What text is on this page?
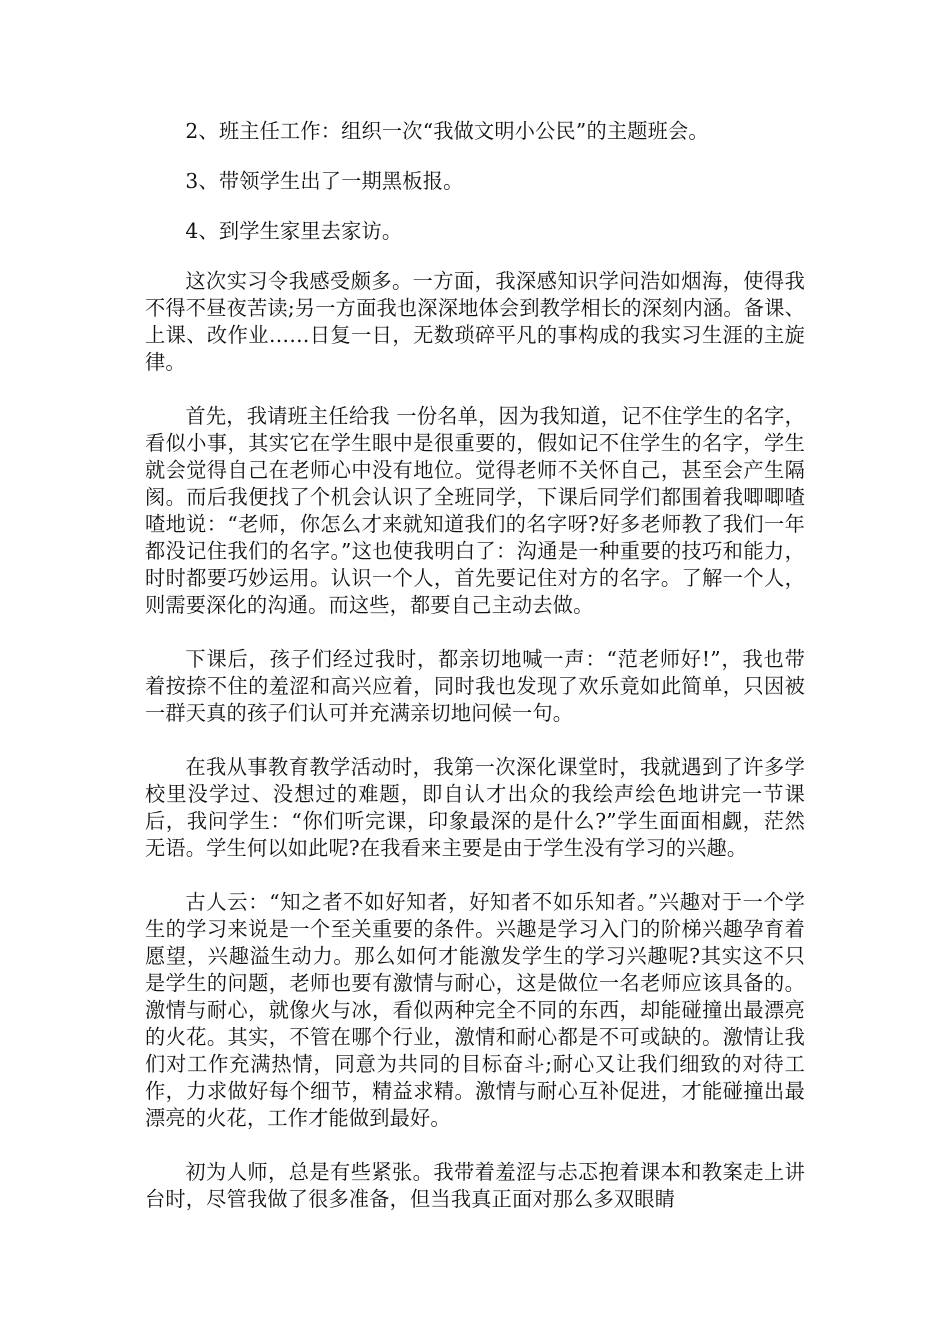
2、班主任工作：组织一次“我做文明小公民”的主题班会。

3、带领学生出了一期黑板报。

4、到学生家里去家访。

这次实习令我感受颇多。一方面，我深感知识学问浩如烟海，使得我不得不昼夜苦读;另一方面我也深深地体会到教学相长的深刻内涵。备课、上课、改作业……日复一日，无数琐碎平凡的事构成的我实习生涯的主旋律。

首先，我请班主任给我 一份名单，因为我知道，记不住学生的名字，看似小事，其实它在学生眼中是很重要的，假如记不住学生的名字，学生就会觉得自己在老师心中没有地位。觉得老师不关怀自己，甚至会产生隔阂。而后我便找了个机会认识了全班同学，下课后同学们都围着我唧唧喳喳地说：“老师，你怎么才来就知道我们的名字呀?好多老师教了我们一年都没记住我们的名字。”这也使我明白了：沟通是一种重要的技巧和能力，时时都要巧妙运用。认识一个人，首先要记住对方的名字。了解一个人，则需要深化的沟通。而这些，都要自己主动去做。

下课后，孩子们经过我时，都亲切地喊一声：“范老师好!”，我也带着按捺不住的羞涩和高兴应着，同时我也发现了欢乐竟如此简单，只因被一群天真的孩子们认可并充满亲切地问候一句。

在我从事教育教学活动时，我第一次深化课堂时，我就遇到了许多学校里没学过、没想过的难题，即自认才出众的我绘声绘色地讲完一节课后，我问学生：“你们听完课，印象最深的是什么?”学生面面相觑，茫然无语。学生何以如此呢?在我看来主要是由于学生没有学习的兴趣。

古人云：“知之者不如好知者，好知者不如乐知者。”兴趣对于一个学生的学习来说是一个至关重要的条件。兴趣是学习入门的阶梯兴趣孕育着愿望，兴趣溢生动力。那么如何才能激发学生的学习兴趣呢?其实这不只是学生的问题，老师也要有激情与耐心，这是做位一名老师应该具备的。激情与耐心，就像火与冰，看似两种完全不同的东西，却能碰撞出最漂亮的火花。其实，不管在哪个行业，激情和耐心都是不可或缺的。激情让我们对工作充满热情，同意为共同的目标奋斗;耐心又让我们细致的对待工作，力求做好每个细节，精益求精。激情与耐心互补促进，才能碰撞出最漂亮的火花，工作才能做到最好。

初为人师，总是有些紧张。我带着羞涩与忐忑抱着课本和教案走上讲台时，尽管我做了很多准备，但当我真正面对那么多双眼睛
